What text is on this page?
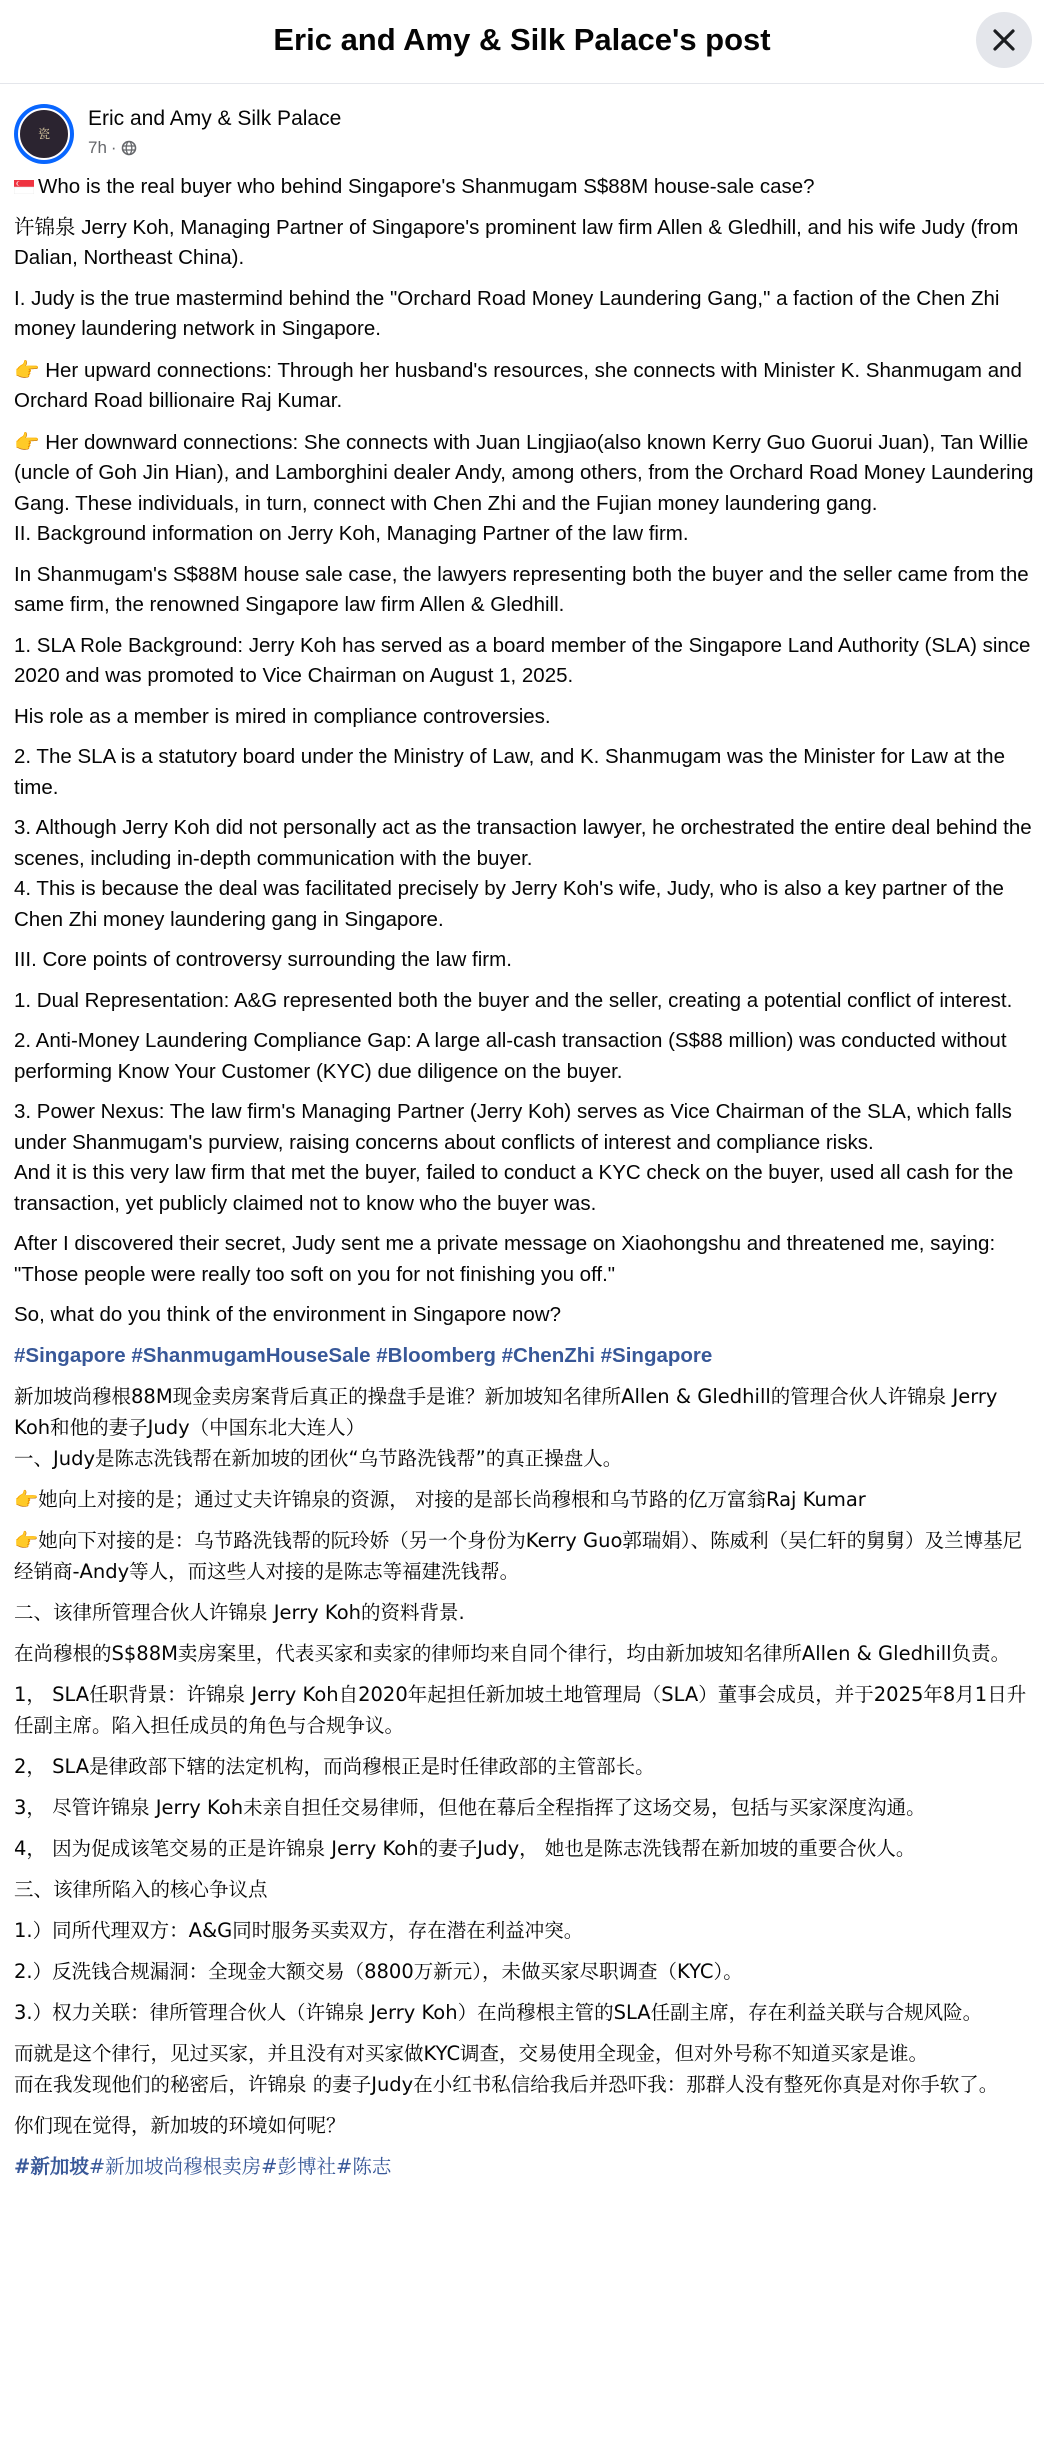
Eric and Amy & Silk Palace's post
瓷
Eric and Amy & Silk Palace
7h ·

Who is the real buyer who behind Singapore's Shanmugam S$88M house-sale case?

许锦泉 Jerry Koh, Managing Partner of Singapore's prominent law firm Allen & Gledhill, and his wife Judy (from Dalian, Northeast China).

I. Judy is the true mastermind behind the "Orchard Road Money Laundering Gang," a faction of the Chen Zhi money laundering network in Singapore.

👉 Her upward connections: Through her husband's resources, she connects with Minister K. Shanmugam and Orchard Road billionaire Raj Kumar.

👉 Her downward connections: She connects with Juan Lingjiao(also known Kerry Guo Guorui Juan), Tan Willie (uncle of Goh Jin Hian), and Lamborghini dealer Andy, among others, from the Orchard Road Money Laundering Gang. These individuals, in turn, connect with Chen Zhi and the Fujian money laundering gang.

II. Background information on Jerry Koh, Managing Partner of the law firm.

In Shanmugam's S$88M house sale case, the lawyers representing both the buyer and the seller came from the same firm, the renowned Singapore law firm Allen & Gledhill.

1. SLA Role Background: Jerry Koh has served as a board member of the Singapore Land Authority (SLA) since 2020 and was promoted to Vice Chairman on August 1, 2025.

His role as a member is mired in compliance controversies.

2. The SLA is a statutory board under the Ministry of Law, and K. Shanmugam was the Minister for Law at the time.

3. Although Jerry Koh did not personally act as the transaction lawyer, he orchestrated the entire deal behind the scenes, including in-depth communication with the buyer.

4. This is because the deal was facilitated precisely by Jerry Koh's wife, Judy, who is also a key partner of the Chen Zhi money laundering gang in Singapore.

III. Core points of controversy surrounding the law firm.

1. Dual Representation: A&G represented both the buyer and the seller, creating a potential conflict of interest.

2. Anti-Money Laundering Compliance Gap: A large all-cash transaction (S$88 million) was conducted without performing Know Your Customer (KYC) due diligence on the buyer.

3. Power Nexus: The law firm's Managing Partner (Jerry Koh) serves as Vice Chairman of the SLA, which falls under Shanmugam's purview, raising concerns about conflicts of interest and compliance risks.

And it is this very law firm that met the buyer, failed to conduct a KYC check on the buyer, used all cash for the transaction, yet publicly claimed not to know who the buyer was.

After I discovered their secret, Judy sent me a private message on Xiaohongshu and threatened me, saying: "Those people were really too soft on you for not finishing you off."

So, what do you think of the environment in Singapore now?

#Singapore #ShanmugamHouseSale #Bloomberg #ChenZhi #Singapore

新加坡尚穆根88M现金卖房案背后真正的操盘手是谁？新加坡知名律所Allen & Gledhill的管理合伙人许锦泉 Jerry Koh和他的妻子Judy（中国东北大连人）

一、Judy是陈志洗钱帮在新加坡的团伙“乌节路洗钱帮”的真正操盘人。

👉她向上对接的是；通过丈夫许锦泉的资源， 对接的是部长尚穆根和乌节路的亿万富翁Raj Kumar

👉她向下对接的是：乌节路洗钱帮的阮玲娇（另一个身份为Kerry Guo郭瑞娟）、陈威利（吴仁轩的舅舅）及兰博基尼经销商-Andy等人，而这些人对接的是陈志等福建洗钱帮。

二、该律所管理合伙人许锦泉 Jerry Koh的资料背景.

在尚穆根的S$88M卖房案里，代表买家和卖家的律师均来自同个律行，均由新加坡知名律所Allen & Gledhill负责。

1， SLA任职背景：许锦泉 Jerry Koh自2020年起担任新加坡土地管理局（SLA）董事会成员，并于2025年8月1日升任副主席。陷入担任成员的角色与合规争议。

2， SLA是律政部下辖的法定机构，而尚穆根正是时任律政部的主管部长。

3， 尽管许锦泉 Jerry Koh未亲自担任交易律师，但他在幕后全程指挥了这场交易，包括与买家深度沟通。

4， 因为促成该笔交易的正是许锦泉 Jerry Koh的妻子Judy， 她也是陈志洗钱帮在新加坡的重要合伙人。

三、该律所陷入的核心争议点

1.）同所代理双方：A&G同时服务买卖双方，存在潜在利益冲突。

2.）反洗钱合规漏洞：全现金大额交易（8800万新元），未做买家尽职调查（KYC）。

3.）权力关联：律所管理合伙人（许锦泉 Jerry Koh）在尚穆根主管的SLA任副主席，存在利益关联与合规风险。

而就是这个律行，见过买家，并且没有对买家做KYC调查，交易使用全现金，但对外号称不知道买家是谁。

而在我发现他们的秘密后，许锦泉 的妻子Judy在小红书私信给我后并恐吓我：那群人没有整死你真是对你手软了。

你们现在觉得，新加坡的环境如何呢？

#新加坡#新加坡尚穆根卖房#彭博社#陈志
